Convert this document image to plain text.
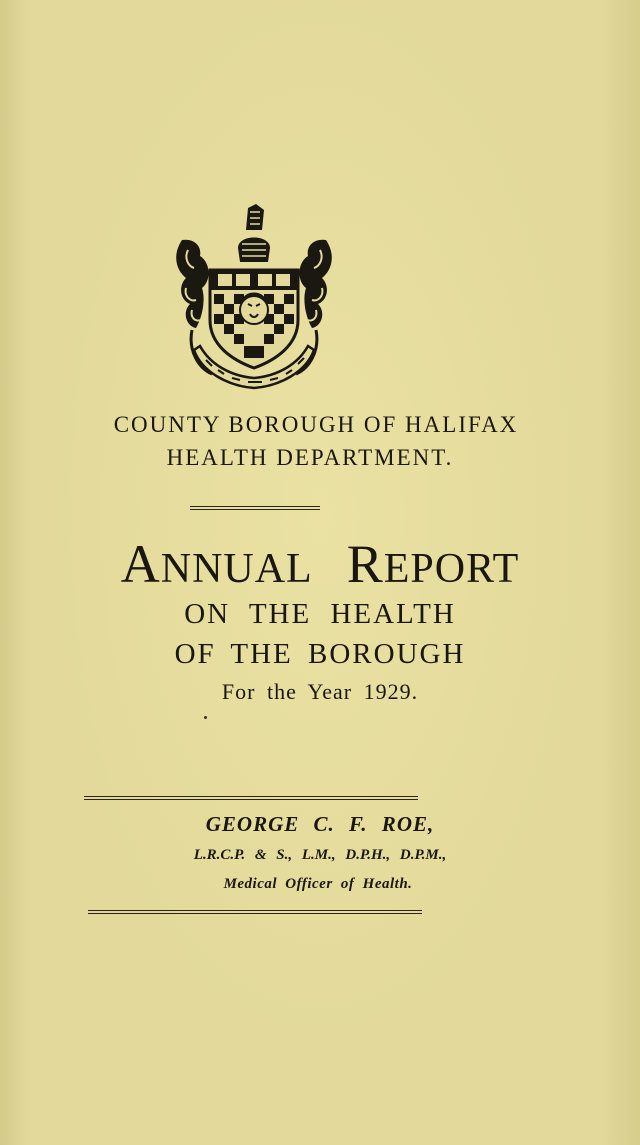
COUNTY BOROUGH OF HALIFAX
HEALTH DEPARTMENT.
ANNUAL REPORT
ON THE HEALTH
OF THE BOROUGH
For the Year 1929.
GEORGE C. F. ROE,
L.R.C.P. & S., L.M., D.P.H., D.P.M.,
Medical Officer of Health.
